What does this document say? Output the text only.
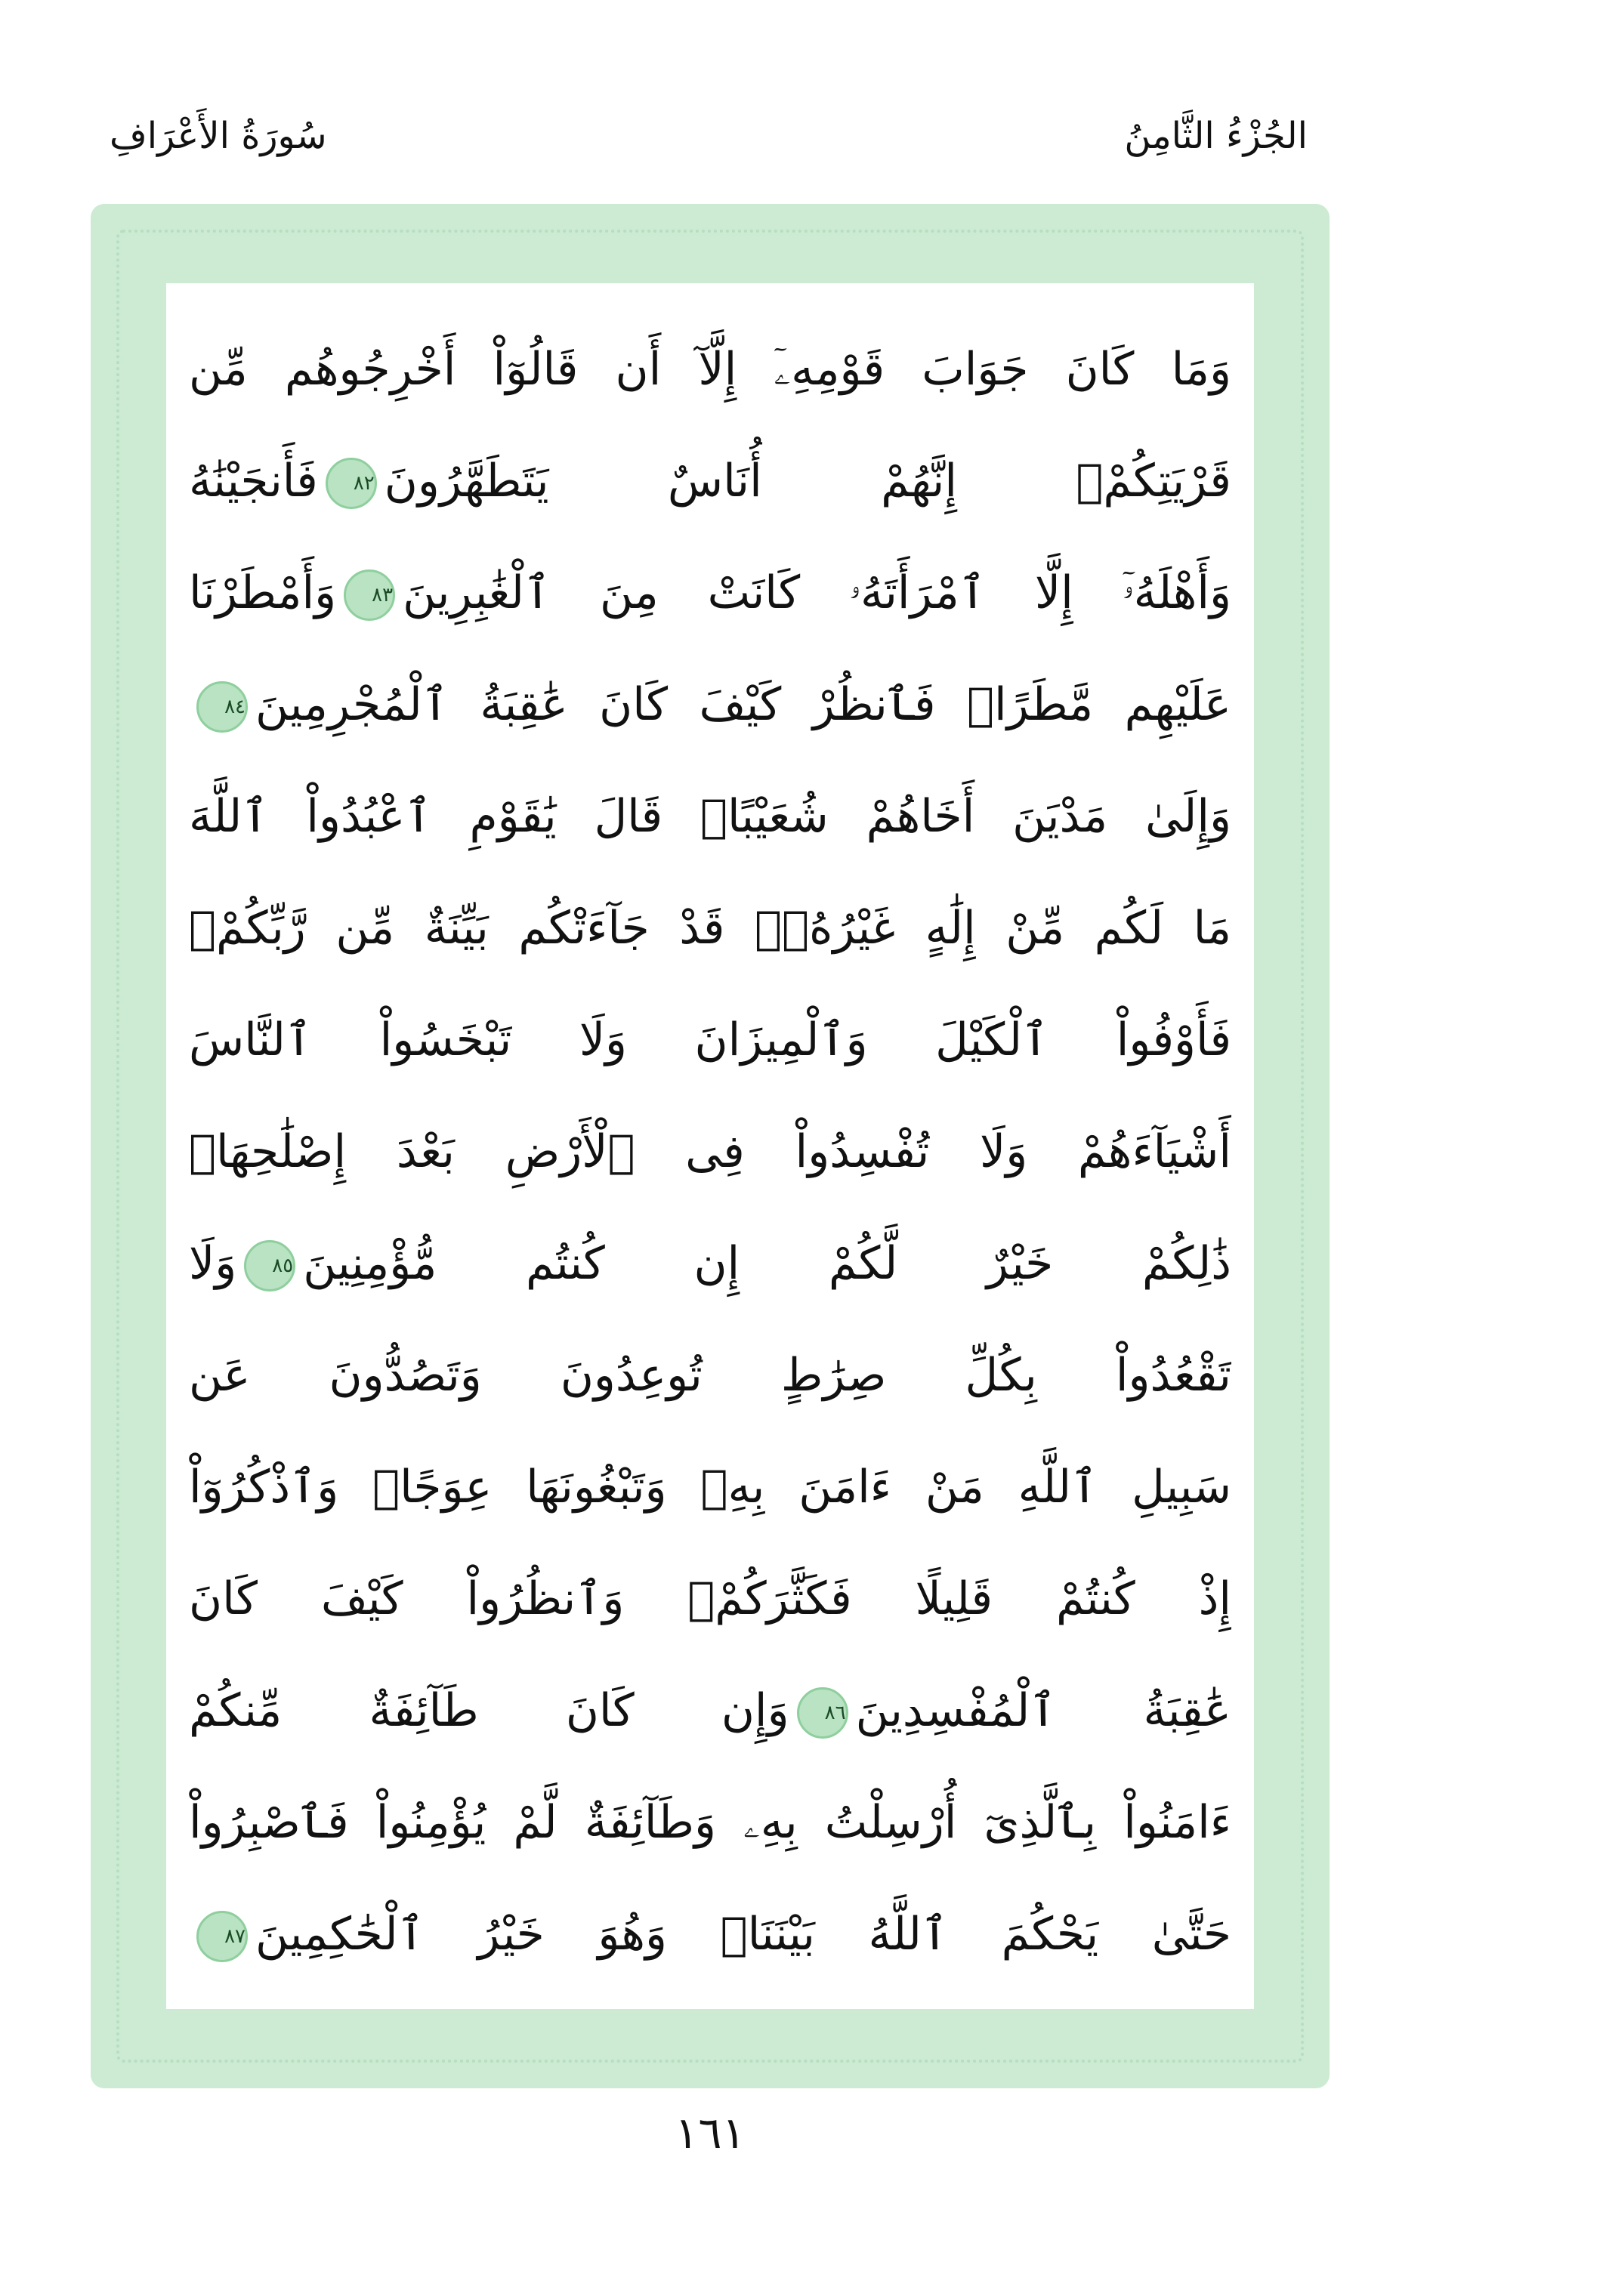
سُورَةُ الأَعْرَافِ	الجُزْءُ الثَّامِنُ
وَمَا كَانَ جَوَابَ قَوْمِهِۦٓ إِلَّآ أَن قَالُوٓاْ أَخْرِجُوهُم مِّن
قَرْيَتِكُمْۖ إِنَّهُمْ أُنَاسٌ يَتَطَهَّرُونَ٨٢فَأَنجَيْنَٰهُ
وَأَهْلَهُۥٓ إِلَّا ٱمْرَأَتَهُۥ كَانَتْ مِنَ ٱلْغَٰبِرِينَ٨٣وَأَمْطَرْنَا
عَلَيْهِم مَّطَرًاۖ فَٱنظُرْ كَيْفَ كَانَ عَٰقِبَةُ ٱلْمُجْرِمِينَ٨٤
وَإِلَىٰ مَدْيَنَ أَخَاهُمْ شُعَيْبًاۚ قَالَ يَٰقَوْمِ ٱعْبُدُواْ ٱللَّهَ
مَا لَكُم مِّنْ إِلَٰهٍ غَيْرُهُۥۖ قَدْ جَآءَتْكُم بَيِّنَةٌ مِّن رَّبِّكُمْۖ
فَأَوْفُواْ ٱلْكَيْلَ وَٱلْمِيزَانَ وَلَا تَبْخَسُواْ ٱلنَّاسَ
أَشْيَآءَهُمْ وَلَا تُفْسِدُواْ فِى ٱلْأَرْضِ بَعْدَ إِصْلَٰحِهَاۚ
ذَٰلِكُمْ خَيْرٌ لَّكُمْ إِن كُنتُم مُّؤْمِنِينَ٨٥وَلَا
تَقْعُدُواْ بِكُلِّ صِرَٰطٍ تُوعِدُونَ وَتَصُدُّونَ عَن
سَبِيلِ ٱللَّهِ مَنْ ءَامَنَ بِهِۦ وَتَبْغُونَهَا عِوَجًاۚ وَٱذْكُرُوٓاْ
إِذْ كُنتُمْ قَلِيلًا فَكَثَّرَكُمْۖ وَٱنظُرُواْ كَيْفَ كَانَ
عَٰقِبَةُ ٱلْمُفْسِدِينَ٨٦وَإِن كَانَ طَآئِفَةٌ مِّنكُمْ
ءَامَنُواْ بِٱلَّذِىٓ أُرْسِلْتُ بِهِۦ وَطَآئِفَةٌ لَّمْ يُؤْمِنُواْ فَٱصْبِرُواْ
حَتَّىٰ يَحْكُمَ ٱللَّهُ بَيْنَنَاۚ وَهُوَ خَيْرُ ٱلْحَٰكِمِينَ٨٧
١٦١
